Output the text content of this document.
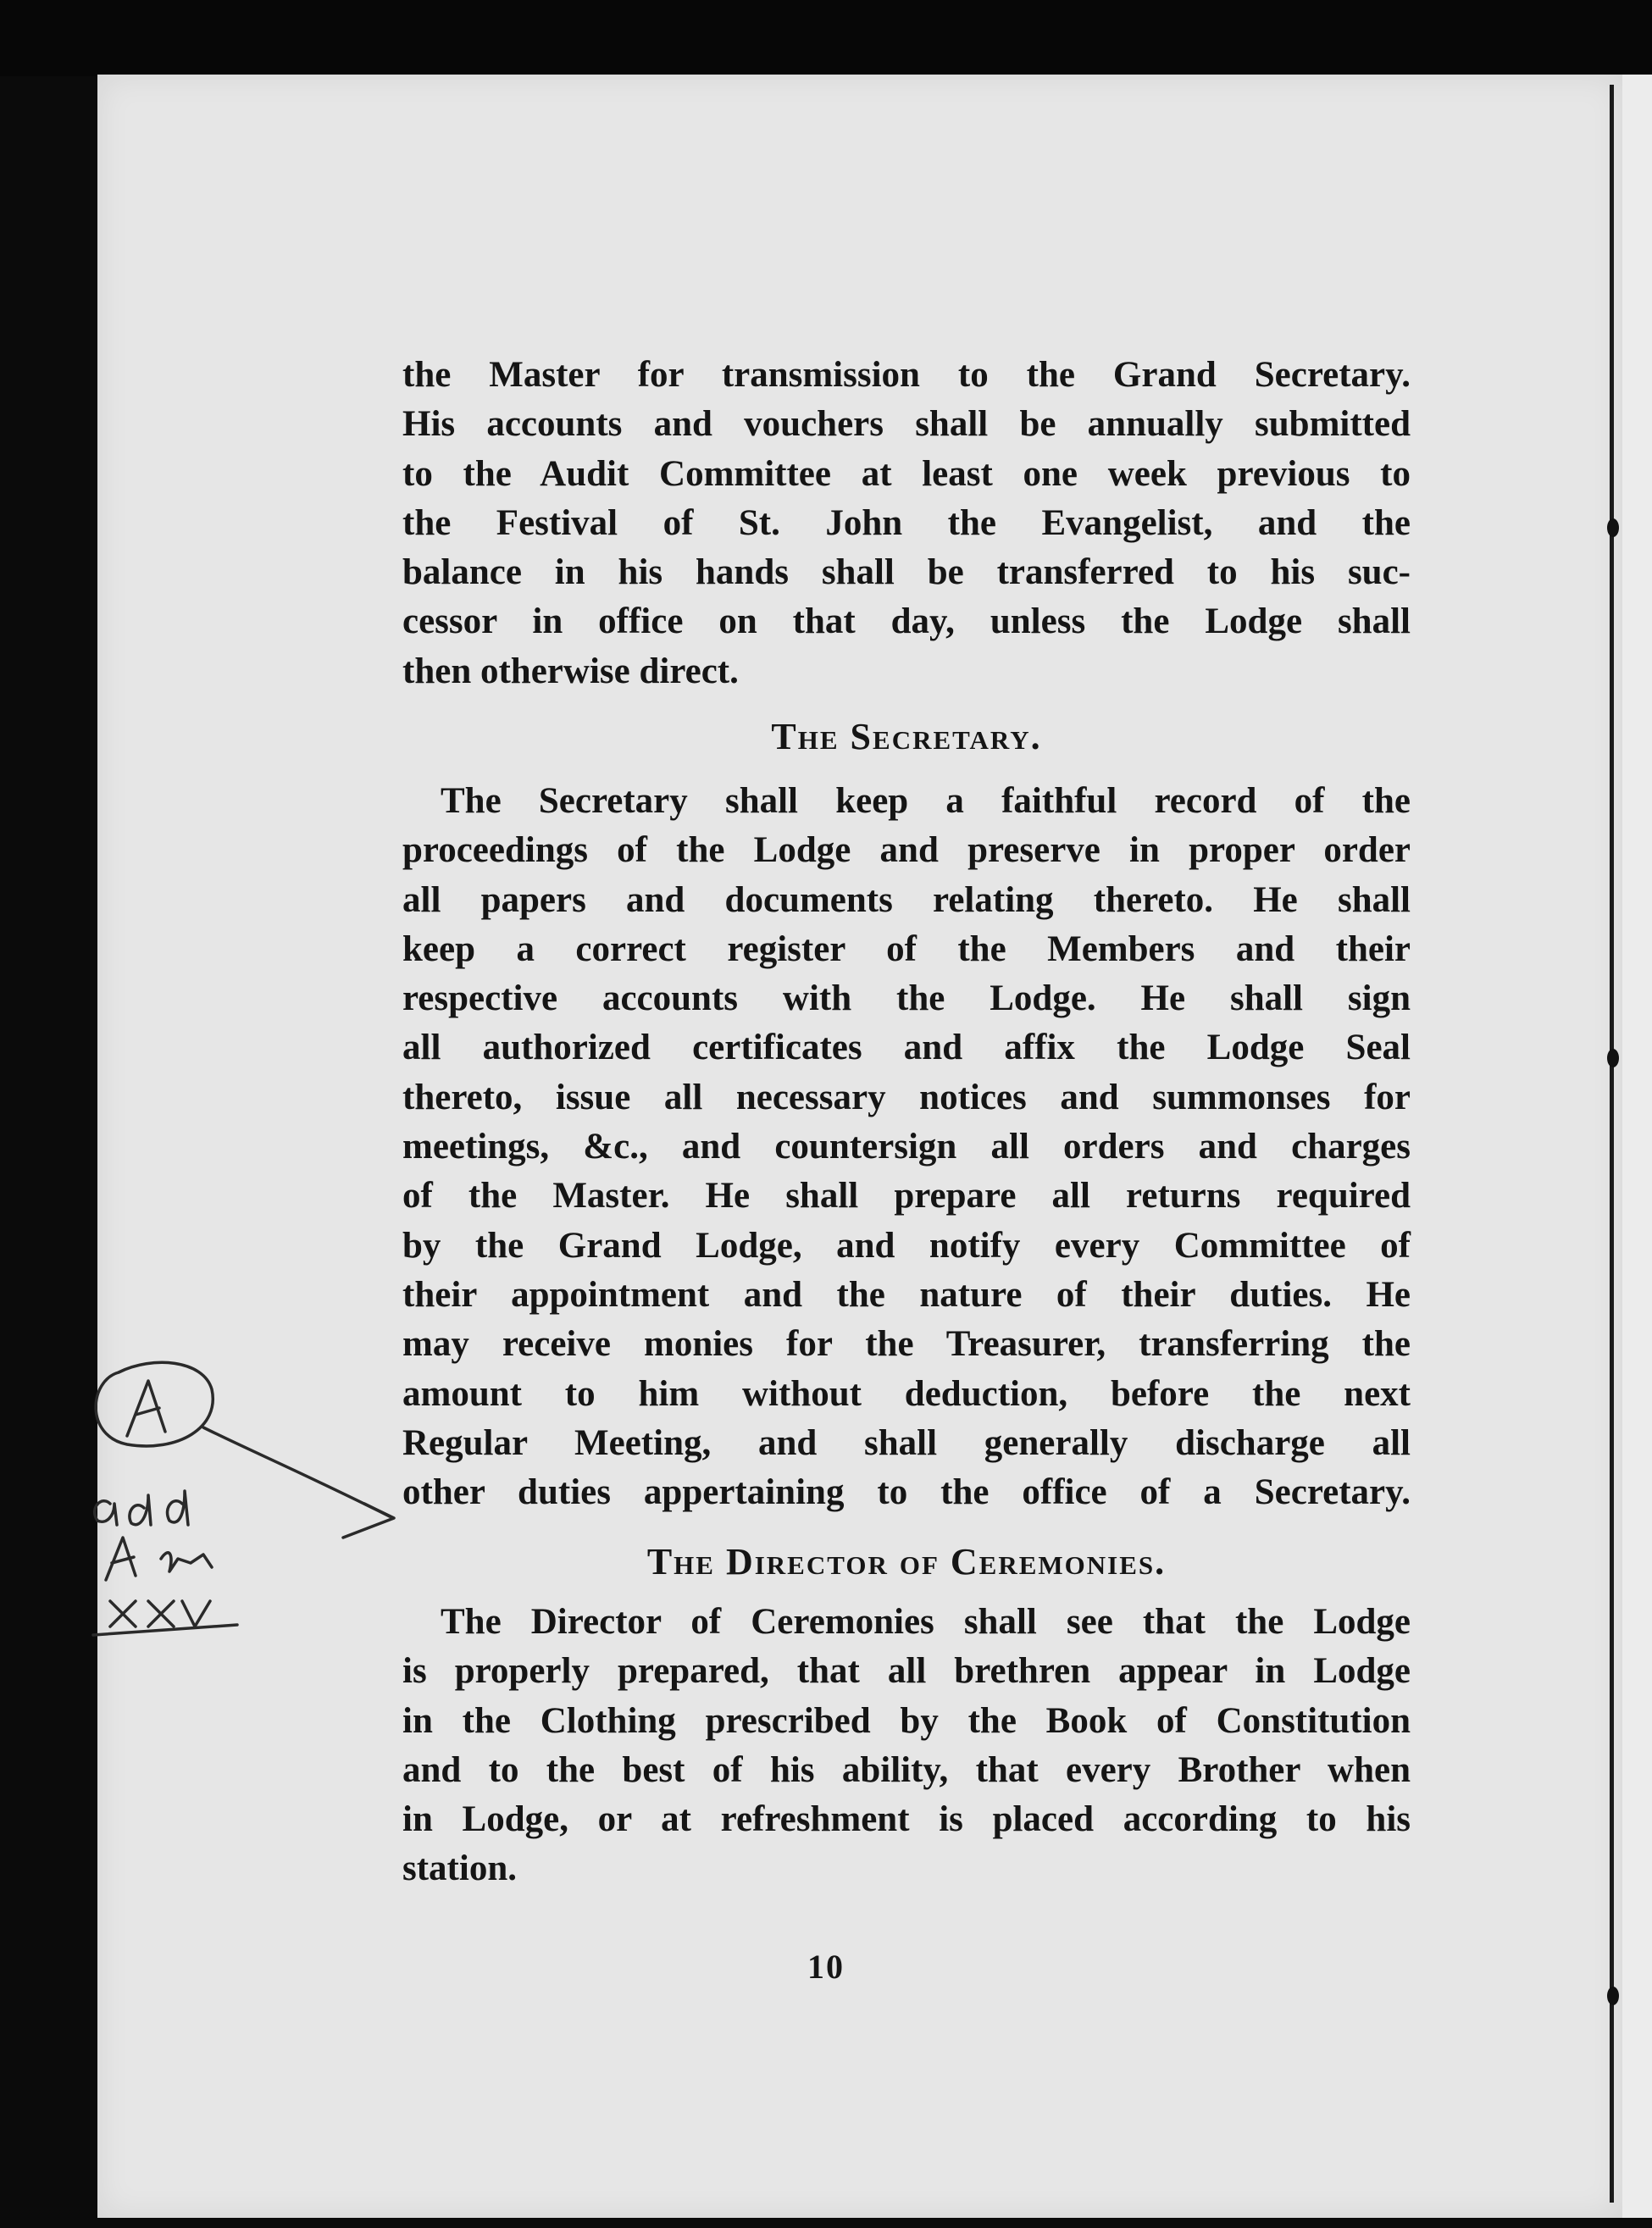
the Master for transmission to the Grand Secretary.

His accounts and vouchers shall be annually submitted

to the Audit Committee at least one week previous to

the Festival of St. John the Evangelist, and the

balance in his hands shall be transferred to his suc-

cessor in office on that day, unless the Lodge shall

then otherwise direct.

The Secretary.

The Secretary shall keep a faithful record of the

proceedings of the Lodge and preserve in proper order

all papers and documents relating thereto. He shall

keep a correct register of the Members and their

respective accounts with the Lodge. He shall sign

all authorized certificates and affix the Lodge Seal

thereto, issue all necessary notices and summonses for

meetings, &c., and countersign all orders and charges

of the Master. He shall prepare all returns required

by the Grand Lodge, and notify every Committee of

their appointment and the nature of their duties. He

may receive monies for the Treasurer, transferring the

amount to him without deduction, before the next

Regular Meeting, and shall generally discharge all

other duties appertaining to the office of a Secretary.

The Director of Ceremonies.

The Director of Ceremonies shall see that the Lodge

is properly prepared, that all brethren appear in Lodge

in the Clothing prescribed by the Book of Constitution

and to the best of his ability, that every Brother when

in Lodge, or at refreshment is placed according to his

station.

10
